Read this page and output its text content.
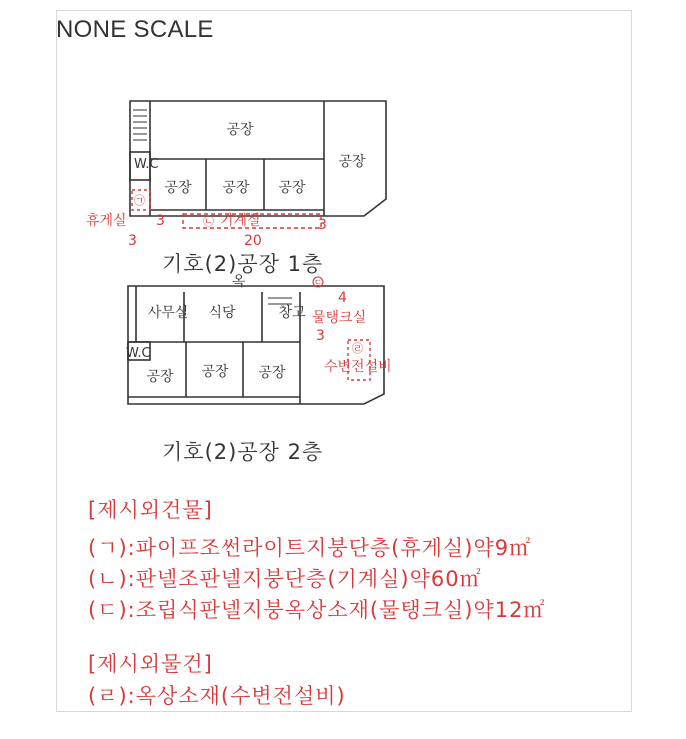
NONE SCALE
공장
공장
공장 공장 공장
W.C
㉠
휴게실 3
3
㉡ 기계실	3
20
옥
사무실 식당	창고
W.C
공장 공장 공장
㉢
4
물탱크실
3
㉣
수변전설비
기호(2)공장 1층
기호(2)공장 2층
[제시외건물]
(ㄱ):파이프조썬라이트지붕단층(휴게실)약9㎡
(ㄴ):판넬조판넬지붕단층(기계실)약60㎡
(ㄷ):조립식판넬지붕옥상소재(물탱크실)약12㎡
[제시외물건]
(ㄹ):옥상소재(수변전설비)
